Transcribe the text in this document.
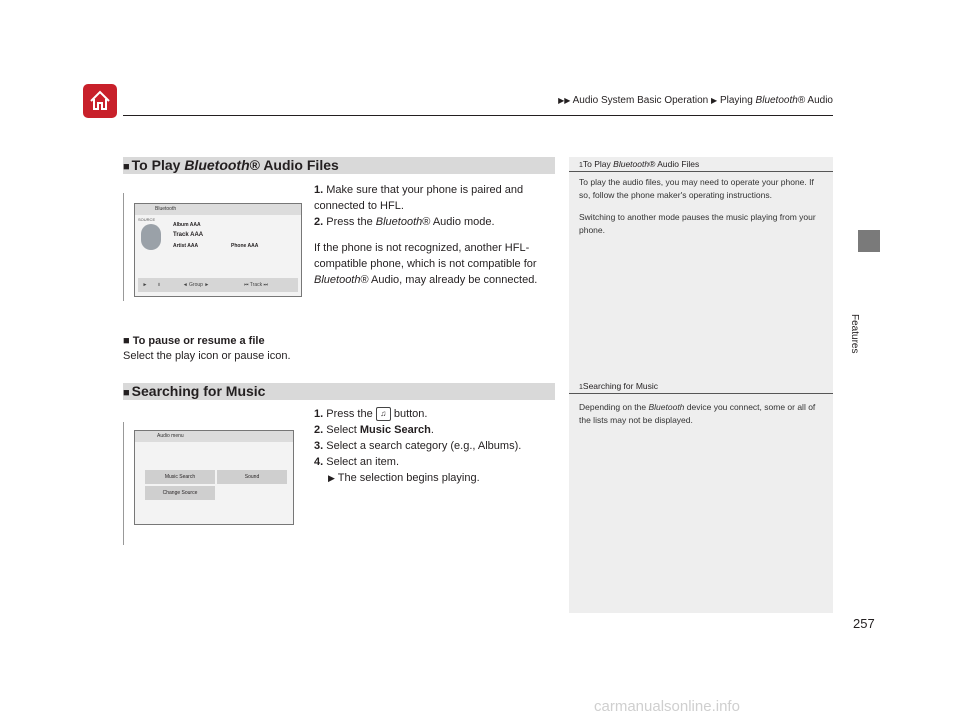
▶▶ Audio System Basic Operation ▶ Playing Bluetooth® Audio
Features
257
1To Play Bluetooth® Audio Files

To play the audio files, you may need to operate your phone. If so, follow the phone maker's operating instructions.

Switching to another mode pauses the music playing from your phone.

1Searching for Music

Depending on the Bluetooth device you connect, some or all of the lists may not be displayed.

■ To Play Bluetooth® Audio Files
Bluetooth
SOURCE
Album AAA
Track AAA
Artist AAA	Phone AAA
►	॥	◄ Group ►	⏮ Track ⏭
1. Make sure that your phone is paired and connected to HFL.
2. Press the Bluetooth® Audio mode.
If the phone is not recognized, another HFL-compatible phone, which is not compatible for Bluetooth® Audio, may already be connected.
■ To pause or resume a file
Select the play icon or pause icon.
■ Searching for Music
Audio menu
Music Search	Sound
Change Source
1. Press the ♫ button.
2. Select Music Search.
3. Select a search category (e.g., Albums).
4. Select an item.
▶ The selection begins playing.
carmanualsonline.info
